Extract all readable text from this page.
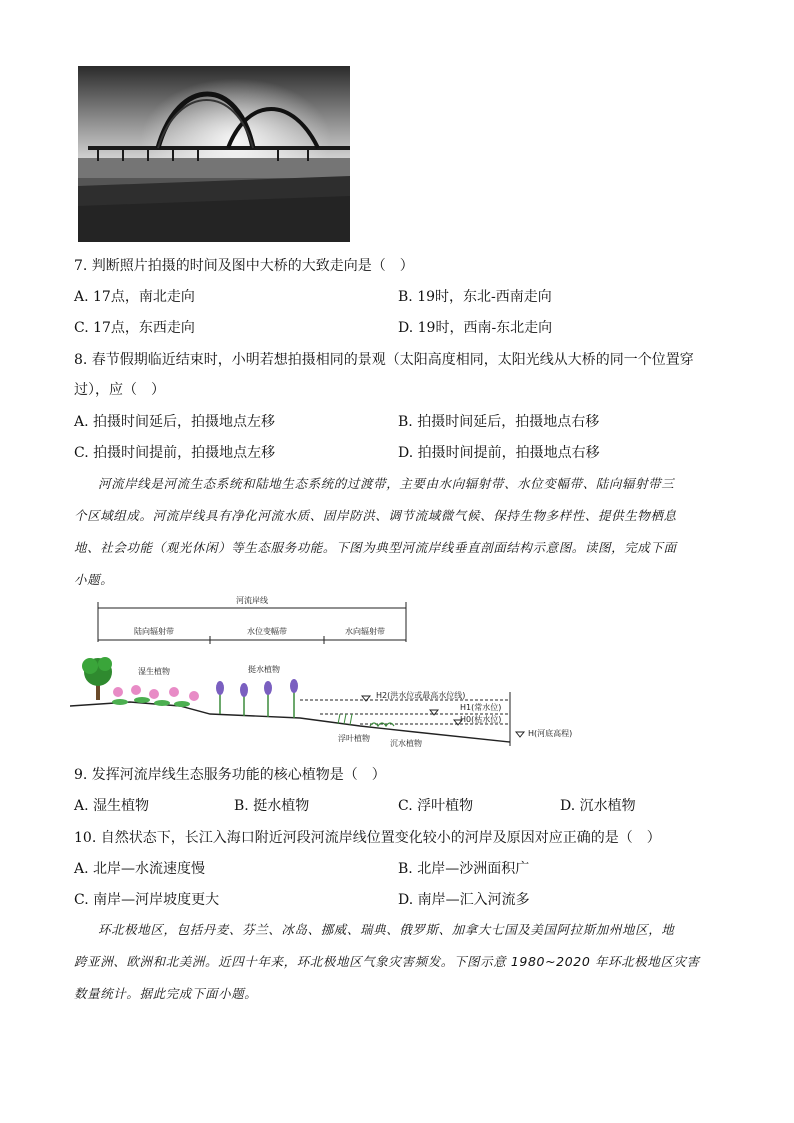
7. 判断照片拍摄的时间及图中大桥的大致走向是（　）
A. 17点，南北走向	B. 19时，东北-西南走向
C. 17点，东西走向	D. 19时，西南-东北走向
8. 春节假期临近结束时，小明若想拍摄相同的景观（太阳高度相同，太阳光线从大桥的同一个位置穿
过），应（　）
A. 拍摄时间延后，拍摄地点左移	B. 拍摄时间延后，拍摄地点右移
C. 拍摄时间提前，拍摄地点左移	D. 拍摄时间提前，拍摄地点右移
河流岸线是河流生态系统和陆地生态系统的过渡带，主要由水向辐射带、水位变幅带、陆向辐射带三
个区域组成。河流岸线具有净化河流水质、固岸防洪、调节流域微气候、保持生物多样性、提供生物栖息
地、社会功能（观光休闲）等生态服务功能。下图为典型河流岸线垂直剖面结构示意图。读图，完成下面
小题。
河流岸线
陆向辐射带	水位变幅带	水向辐射带
湿生植物	挺水植物
H2(洪水位或最高水位线)
H1(常水位)
H0(枯水位)
H(河底高程)
浮叶植物
沉水植物
9. 发挥河流岸线生态服务功能的核心植物是（　）
A. 湿生植物	B. 挺水植物	C. 浮叶植物	D. 沉水植物
10. 自然状态下，长江入海口附近河段河流岸线位置变化较小的河岸及原因对应正确的是（　）
A. 北岸—水流速度慢	B. 北岸—沙洲面积广
C. 南岸—河岸坡度更大	D. 南岸—汇入河流多
环北极地区，包括丹麦、芬兰、冰岛、挪威、瑞典、俄罗斯、加拿大七国及美国阿拉斯加州地区，地
跨亚洲、欧洲和北美洲。近四十年来，环北极地区气象灾害频发。下图示意 1980~2020 年环北极地区灾害
数量统计。据此完成下面小题。
